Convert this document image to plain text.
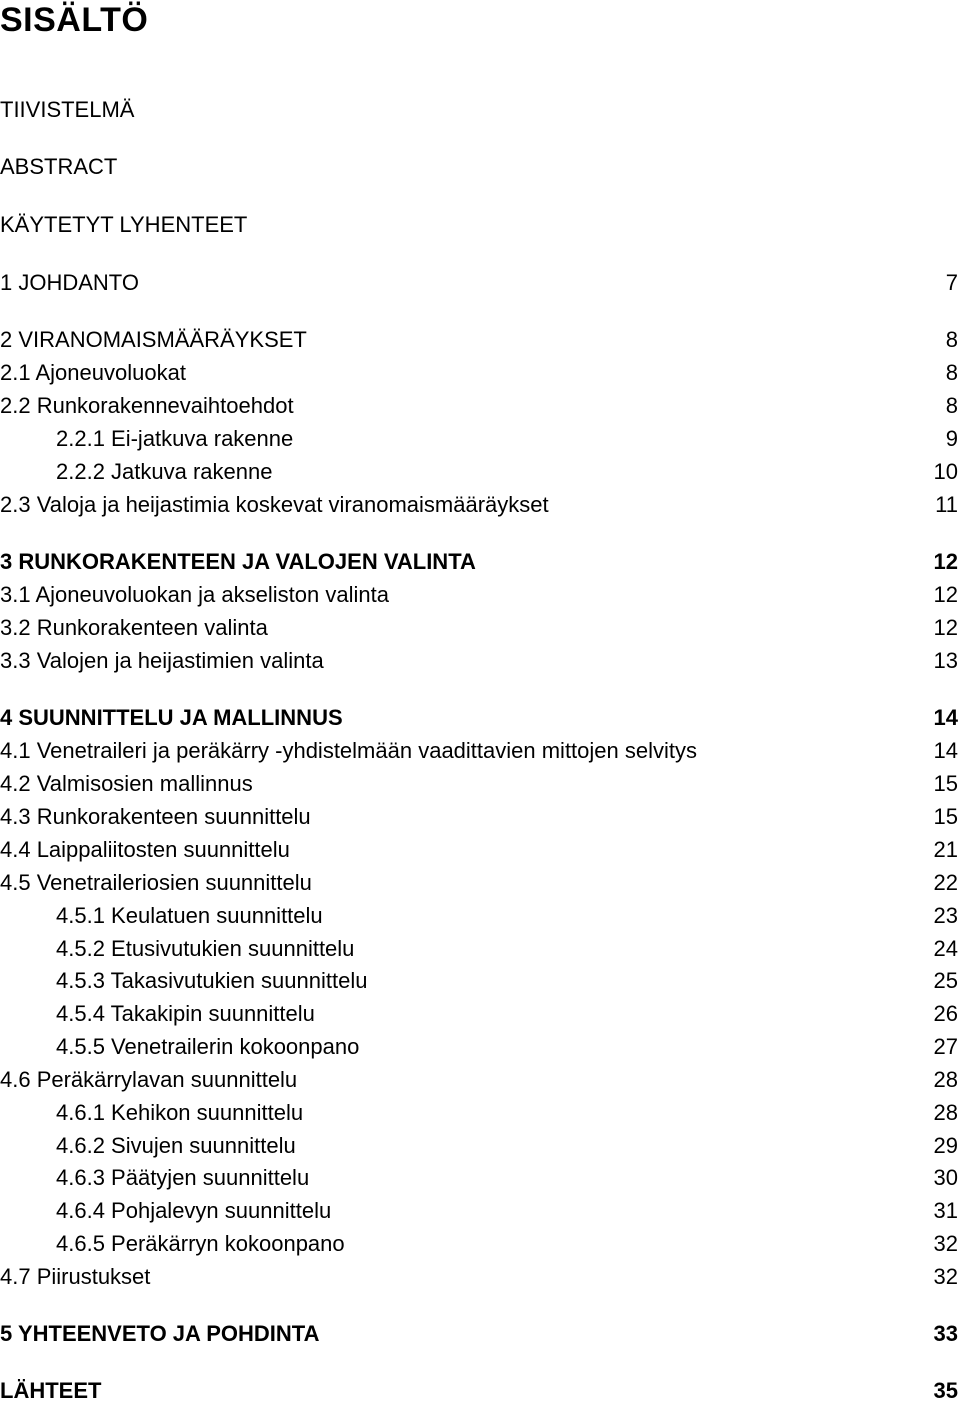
SISÄLTÖ
TIIVISTELMÄ
ABSTRACT
KÄYTETYT LYHENTEET
1 JOHDANTO	7
2 VIRANOMAISMÄÄRÄYKSET	8
2.1 Ajoneuvoluokat	8
2.2 Runkorakennevaihtoehdot	8
2.2.1 Ei-jatkuva rakenne	9
2.2.2 Jatkuva rakenne	10
2.3 Valoja ja heijastimia koskevat viranomaismääräykset	11
3 RUNKORAKENTEEN JA VALOJEN VALINTA	12
3.1 Ajoneuvoluokan ja akseliston valinta	12
3.2 Runkorakenteen valinta	12
3.3 Valojen ja heijastimien valinta	13
4 SUUNNITTELU JA MALLINNUS	14
4.1 Venetraileri ja peräkärry -yhdistelmään vaadittavien mittojen selvitys	14
4.2 Valmisosien mallinnus	15
4.3 Runkorakenteen suunnittelu	15
4.4 Laippaliitosten suunnittelu	21
4.5 Venetraileriosien suunnittelu	22
4.5.1 Keulatuen suunnittelu	23
4.5.2 Etusivutukien suunnittelu	24
4.5.3 Takasivutukien suunnittelu	25
4.5.4 Takakipin suunnittelu	26
4.5.5 Venetrailerin kokoonpano	27
4.6 Peräkärrylavan suunnittelu	28
4.6.1 Kehikon suunnittelu	28
4.6.2 Sivujen suunnittelu	29
4.6.3 Päätyjen suunnittelu	30
4.6.4 Pohjalevyn suunnittelu	31
4.6.5 Peräkärryn kokoonpano	32
4.7 Piirustukset	32
5 YHTEENVETO JA POHDINTA	33
LÄHTEET	35
